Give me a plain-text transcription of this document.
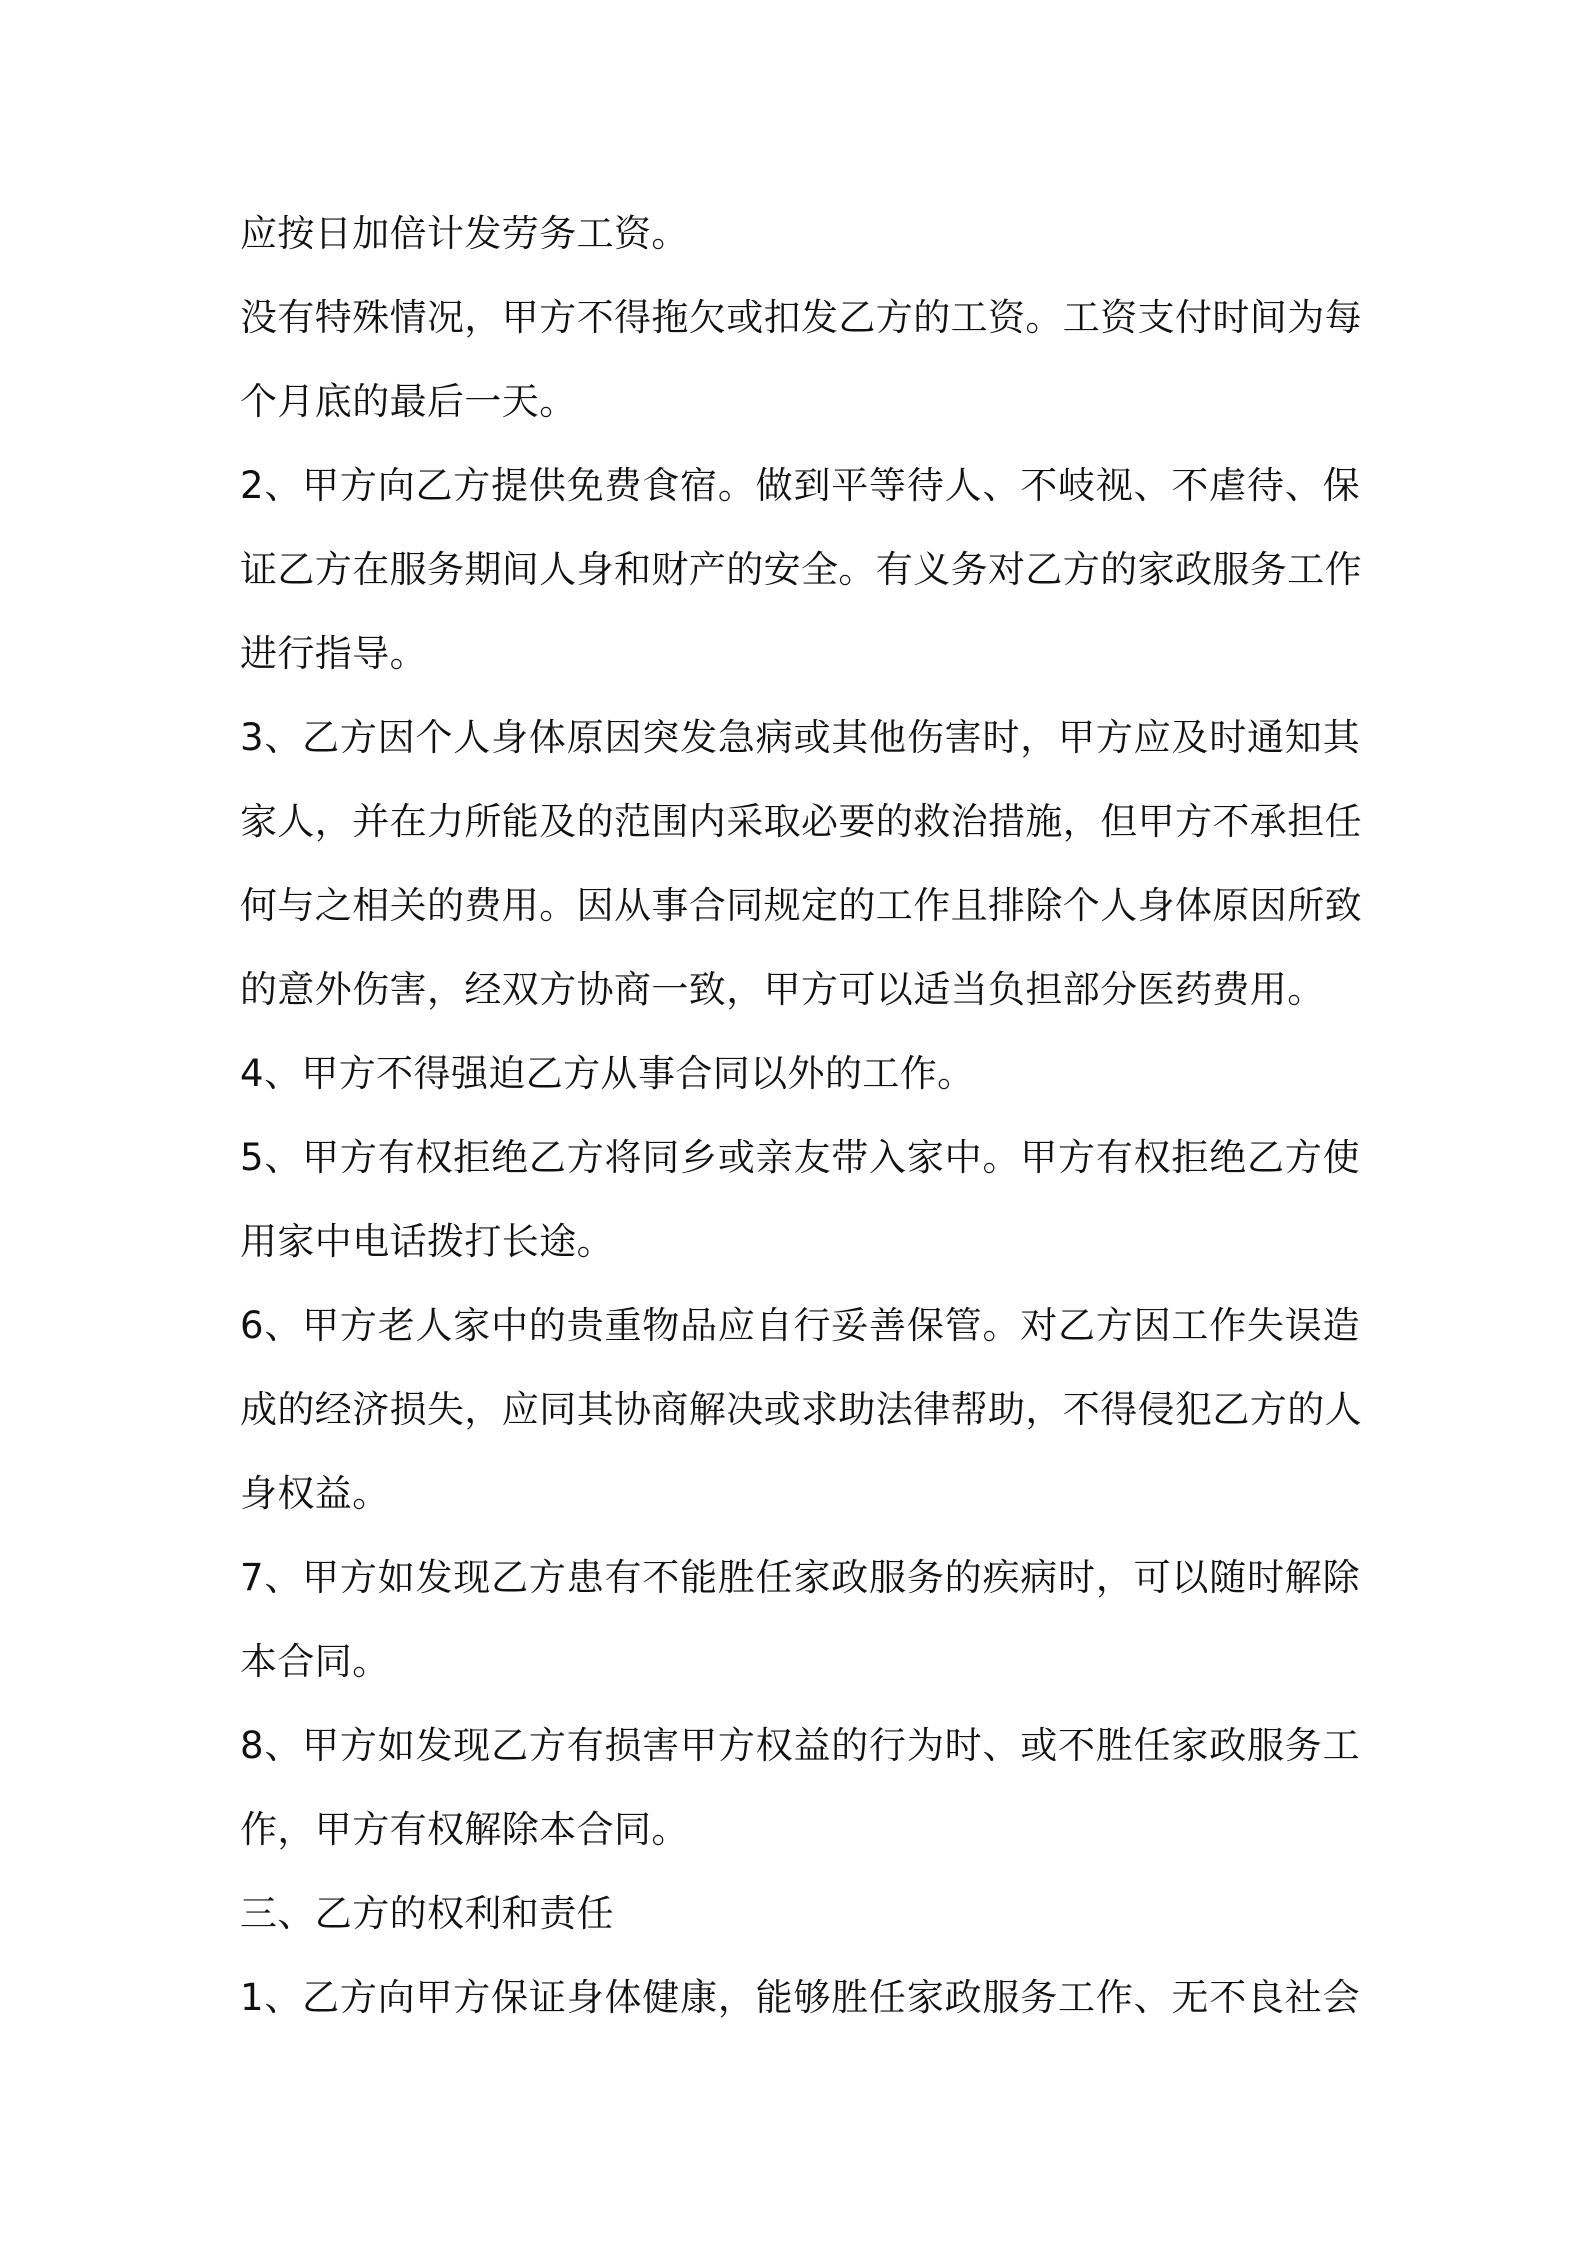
应按日加倍计发劳务工资。
没有特殊情况，甲方不得拖欠或扣发乙方的工资。工资支付时间为每
个月底的最后一天。
2、甲方向乙方提供免费食宿。做到平等待人、不岐视、不虐待、保
证乙方在服务期间人身和财产的安全。有义务对乙方的家政服务工作
进行指导。
3、乙方因个人身体原因突发急病或其他伤害时，甲方应及时通知其
家人，并在力所能及的范围内采取必要的救治措施，但甲方不承担任
何与之相关的费用。因从事合同规定的工作且排除个人身体原因所致
的意外伤害，经双方协商一致，甲方可以适当负担部分医药费用。
4、甲方不得强迫乙方从事合同以外的工作。
5、甲方有权拒绝乙方将同乡或亲友带入家中。甲方有权拒绝乙方使
用家中电话拨打长途。
6、甲方老人家中的贵重物品应自行妥善保管。对乙方因工作失误造
成的经济损失，应同其协商解决或求助法律帮助，不得侵犯乙方的人
身权益。
7、甲方如发现乙方患有不能胜任家政服务的疾病时，可以随时解除
本合同。
8、甲方如发现乙方有损害甲方权益的行为时、或不胜任家政服务工
作，甲方有权解除本合同。
三、乙方的权利和责任
1、乙方向甲方保证身体健康，能够胜任家政服务工作、无不良社会
